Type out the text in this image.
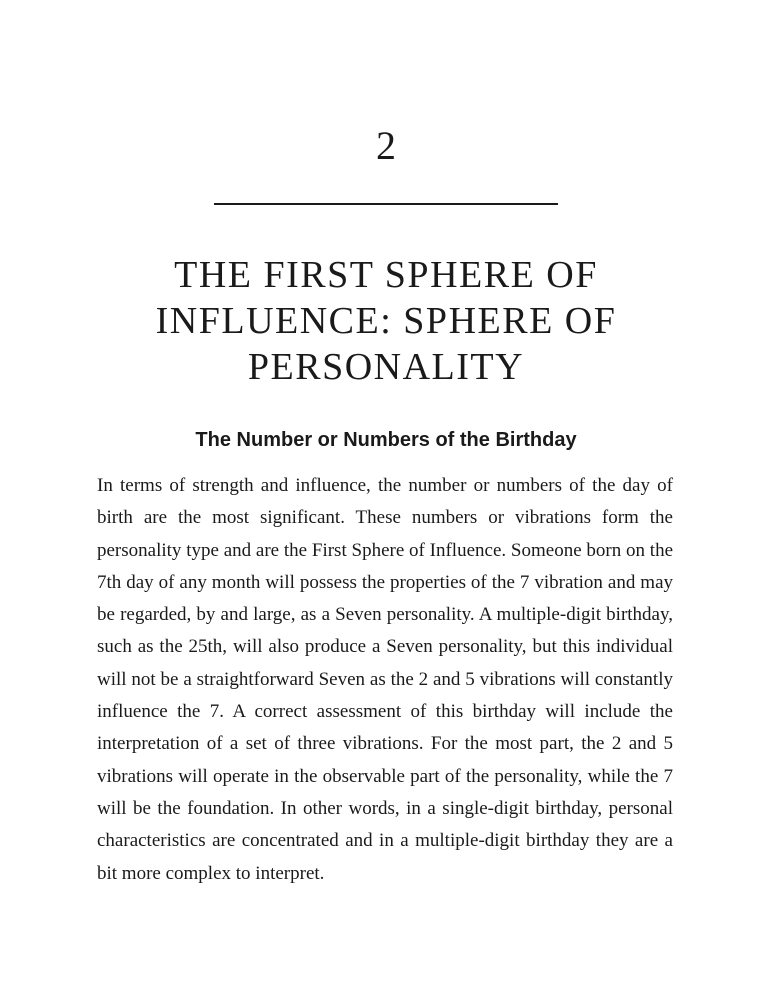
2
THE FIRST SPHERE OF INFLUENCE: SPHERE OF PERSONALITY
The Number or Numbers of the Birthday

In terms of strength and influence, the number or numbers of the day of birth are the most significant. These numbers or vibrations form the personality type and are the First Sphere of Influence. Someone born on the 7th day of any month will possess the properties of the 7 vibration and may be regarded, by and large, as a Seven personality. A multiple-digit birthday, such as the 25th, will also produce a Seven personality, but this individual will not be a straightforward Seven as the 2 and 5 vibrations will constantly influence the 7. A correct assessment of this birthday will include the interpretation of a set of three vibrations. For the most part, the 2 and 5 vibrations will operate in the observable part of the personality, while the 7 will be the foundation. In other words, in a single-digit birthday, personal characteristics are concentrated and in a multiple-digit birthday they are a bit more complex to interpret.
